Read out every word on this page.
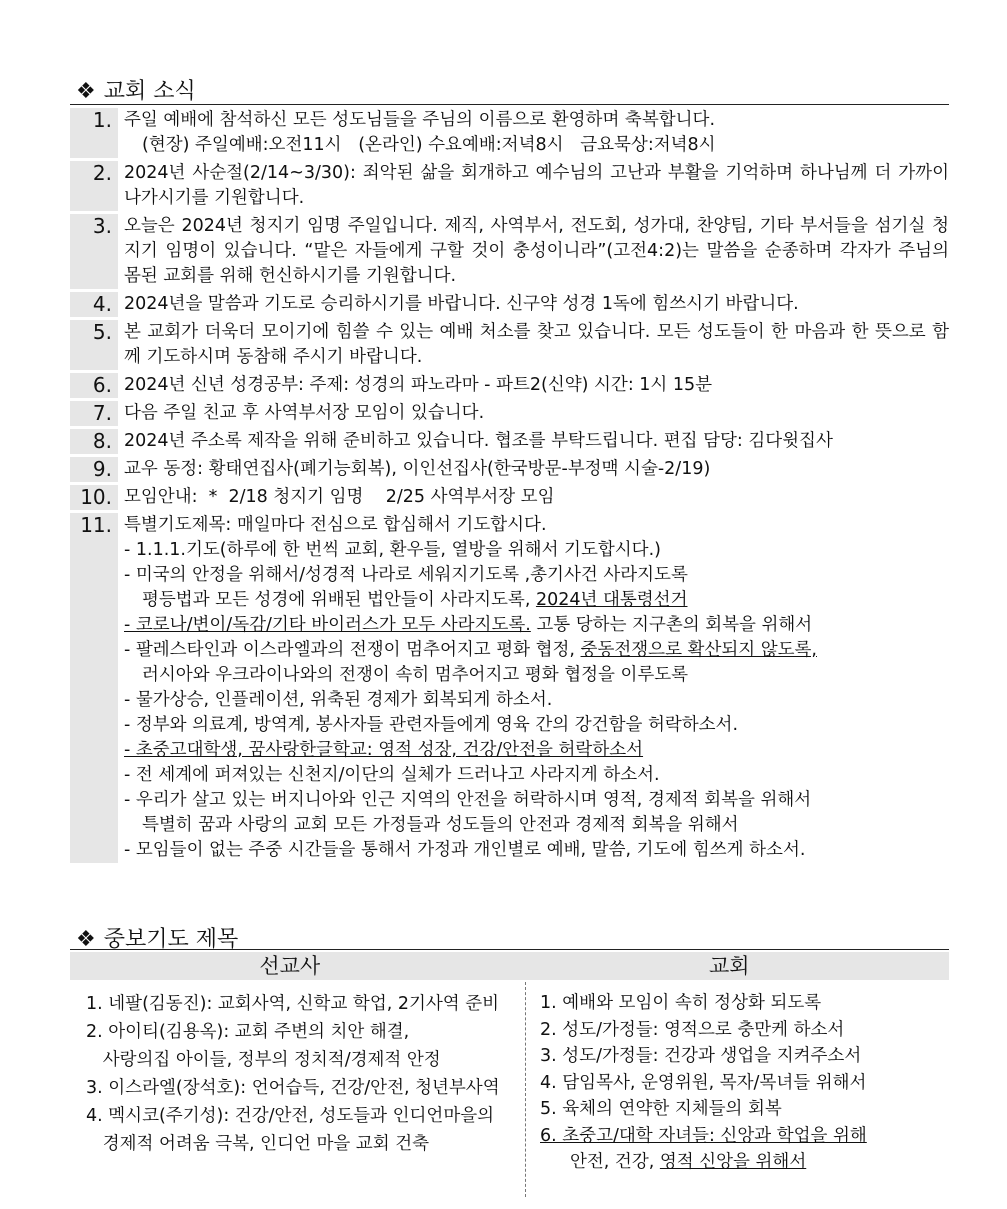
❖ 교회 소식
1. 주일 예배에 참석하신 모든 성도님들을 주님의 이름으로 환영하며 축복합니다.
(현장) 주일예배:오전11시   (온라인) 수요예배:저녁8시   금요묵상:저녁8시
2. 2024년 사순절(2/14~3/30): 죄악된 삶을 회개하고 예수님의 고난과 부활을 기억하며 하나님께 더 가까이 나가시기를 기원합니다.
3. 오늘은 2024년 청지기 임명 주일입니다. 제직, 사역부서, 전도회, 성가대, 찬양팀, 기타 부서들을 섬기실 청지기 임명이 있습니다. “맡은 자들에게 구할 것이 충성이니라”(고전4:2)는 말씀을 순종하며 각자가 주님의 몸된 교회를 위해 헌신하시기를 기원합니다.
4. 2024년을 말씀과 기도로 승리하시기를 바랍니다. 신구약 성경 1독에 힘쓰시기 바랍니다.
5. 본 교회가 더욱더 모이기에 힘쓸 수 있는 예배 처소를 찾고 있습니다. 모든 성도들이 한 마음과 한 뜻으로 함께 기도하시며 동참해 주시기 바랍니다.
6. 2024년 신년 성경공부: 주제: 성경의 파노라마 - 파트2(신약) 시간: 1시 15분
7. 다음 주일 친교 후 사역부서장 모임이 있습니다.
8. 2024년 주소록 제작을 위해 준비하고 있습니다. 협조를 부탁드립니다. 편집 담당: 김다윗집사
9. 교우 동정: 황태연집사(폐기능회복), 이인선집사(한국방문-부정맥 시술-2/19)
10. 모임안내:  *  2/18 청지기 임명    2/25 사역부서장 모임
11. 특별기도제목: 매일마다 전심으로 합심해서 기도합시다.
- 1.1.1.기도(하루에 한 번씩 교회, 환우들, 열방을 위해서 기도합시다.)
- 미국의 안정을 위해서/성경적 나라로 세워지기도록 ,총기사건 사라지도록
평등법과 모든 성경에 위배된 법안들이 사라지도록, 2024년 대통령선거
- 코로나/변이/독감/기타 바이러스가 모두 사라지도록. 고통 당하는 지구촌의 회복을 위해서
- 팔레스타인과 이스라엘과의 전쟁이 멈추어지고 평화 협정, 중동전쟁으로 확산되지 않도록,
러시아와 우크라이나와의 전쟁이 속히 멈추어지고 평화 협정을 이루도록
- 물가상승, 인플레이션, 위축된 경제가 회복되게 하소서.
- 정부와 의료계, 방역계, 봉사자들 관련자들에게 영육 간의 강건함을 허락하소서.
- 초중고대학생, 꿈사랑한글학교: 영적 성장, 건강/안전을 허락하소서
- 전 세계에 퍼져있는 신천지/이단의 실체가 드러나고 사라지게 하소서.
- 우리가 살고 있는 버지니아와 인근 지역의 안전을 허락하시며 영적, 경제적 회복을 위해서
특별히 꿈과 사랑의 교회 모든 가정들과 성도들의 안전과 경제적 회복을 위해서
- 모임들이 없는 주중 시간들을 통해서 가정과 개인별로 예배, 말씀, 기도에 힘쓰게 하소서.
❖ 중보기도 제목
선교사	교회
1. 네팔(김동진): 교회사역, 신학교 학업, 2기사역 준비
2. 아이티(김용옥): 교회 주변의 치안 해결,
사랑의집 아이들, 정부의 정치적/경제적 안정
3. 이스라엘(장석호): 언어습득, 건강/안전, 청년부사역
4. 멕시코(주기성): 건강/안전, 성도들과 인디언마을의
경제적 어려움 극복, 인디언 마을 교회 건축
1. 예배와 모임이 속히 정상화 되도록
2. 성도/가정들: 영적으로 충만케 하소서
3. 성도/가정들: 건강과 생업을 지켜주소서
4. 담임목사, 운영위원, 목자/목녀들 위해서
5. 육체의 연약한 지체들의 회복
6. 초중고/대학 자녀들: 신앙과 학업을 위해
안전, 건강, 영적 신앙을 위해서
